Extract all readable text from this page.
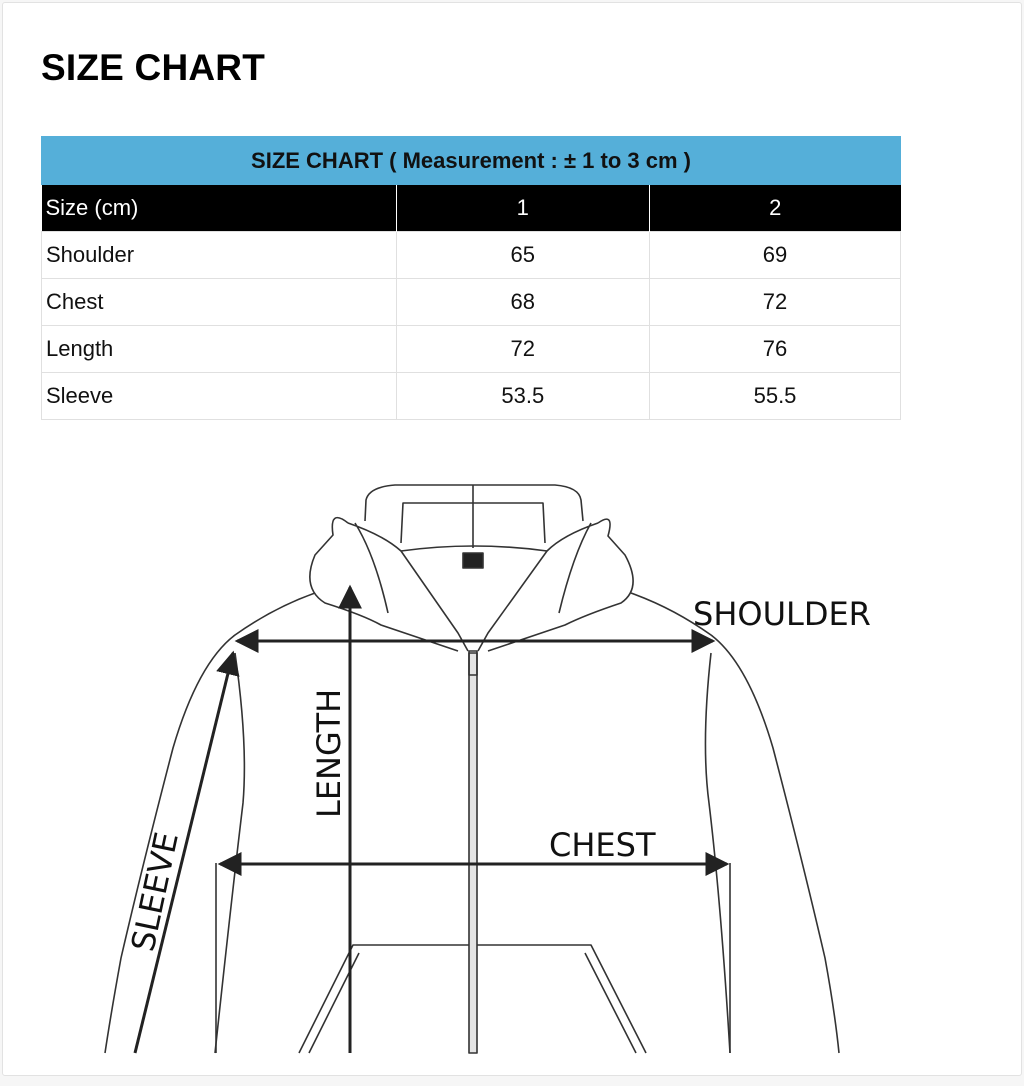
SIZE CHART
SIZE CHART ( Measurement : ± 1 to 3 cm )		
Size (cm)	1	2
Shoulder	65	69
Chest	68	72
Length	72	76
Sleeve	53.5	55.5
SHOULDER
CHEST
LENGTH
SLEEVE
